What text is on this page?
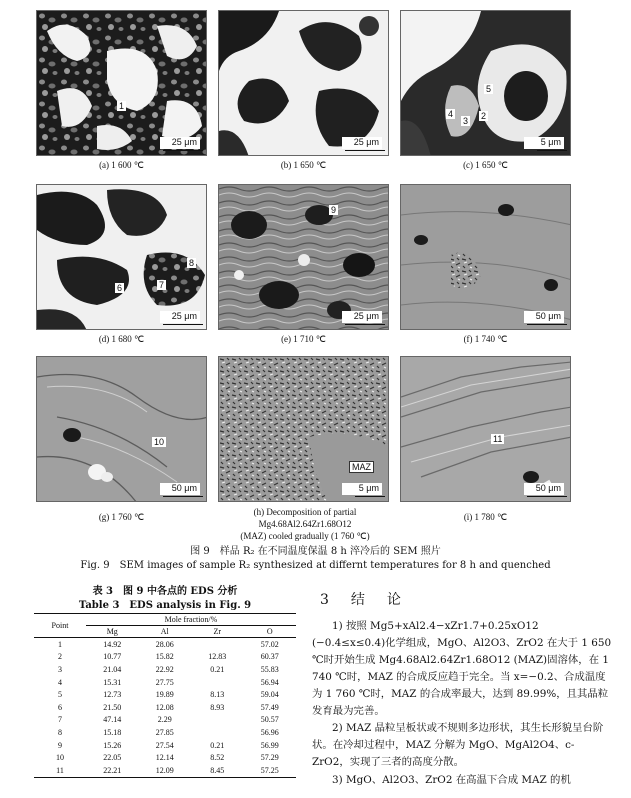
1
25 μm	25 μm
2
3
4
5
5 μm
(a) 1 600 ℃	(b) 1 650 ℃	(c) 1 650 ℃
6	7
8
25 μm
9
25 μm	50 μm
(d) 1 680 ℃	(e) 1 710 ℃	(f) 1 740 ℃
10
50 μm
MAZ
5 μm
11
50 μm
(g) 1 760 ℃	(h) Decomposition of partial Mg4.68Al2.64Zr1.68O12
(MAZ) cooled gradually (1 760 ℃)
(i) 1 780 ℃
图 9　样品 R₂ 在不同温度保温 8 h 淬冷后的 SEM 照片
Fig. 9　SEM images of sample R₂ synthesized at differnt temperatures for 8 h and quenched
表 3　图 9 中各点的 EDS 分析
Table 3　EDS analysis in Fig. 9
Point	Mole fraction/%			
	Mg	Al	Zr	O
1	14.92	28.06		57.02
2	10.77	15.82	12.83	60.37
3	21.04	22.92	0.21	55.83
4	15.31	27.75		56.94
5	12.73	19.89	8.13	59.04
6	21.50	12.08	8.93	57.49
7	47.14	2.29		50.57
8	15.18	27.85		56.96
9	15.26	27.54	0.21	56.99
10	22.05	12.14	8.52	57.29
11	22.21	12.09	8.45	57.25
3　结　论
1) 按照 Mg5+xAl2.4−xZr1.7+0.25xO12 (−0.4≤x≤0.4)化学组成，MgO、Al2O3、ZrO2 在大于 1 650 ℃时开始生成 Mg4.68Al2.64Zr1.68O12 (MAZ)固溶体，在 1 740 ℃时，MAZ 的合成反应趋于完全。当 x=−0.2、合成温度为 1 760 ℃时，MAZ 的合成率最大，达到 89.99%，且其晶粒发育最为完善。
2) MAZ 晶粒呈板状或不规则多边形状，其生长形貌呈台阶状。在冷却过程中，MAZ 分解为 MgO、MgAl2O4、c-ZrO2，实现了三者的高度分散。
3) MgO、Al2O3、ZrO2 在高温下合成 MAZ 的机
